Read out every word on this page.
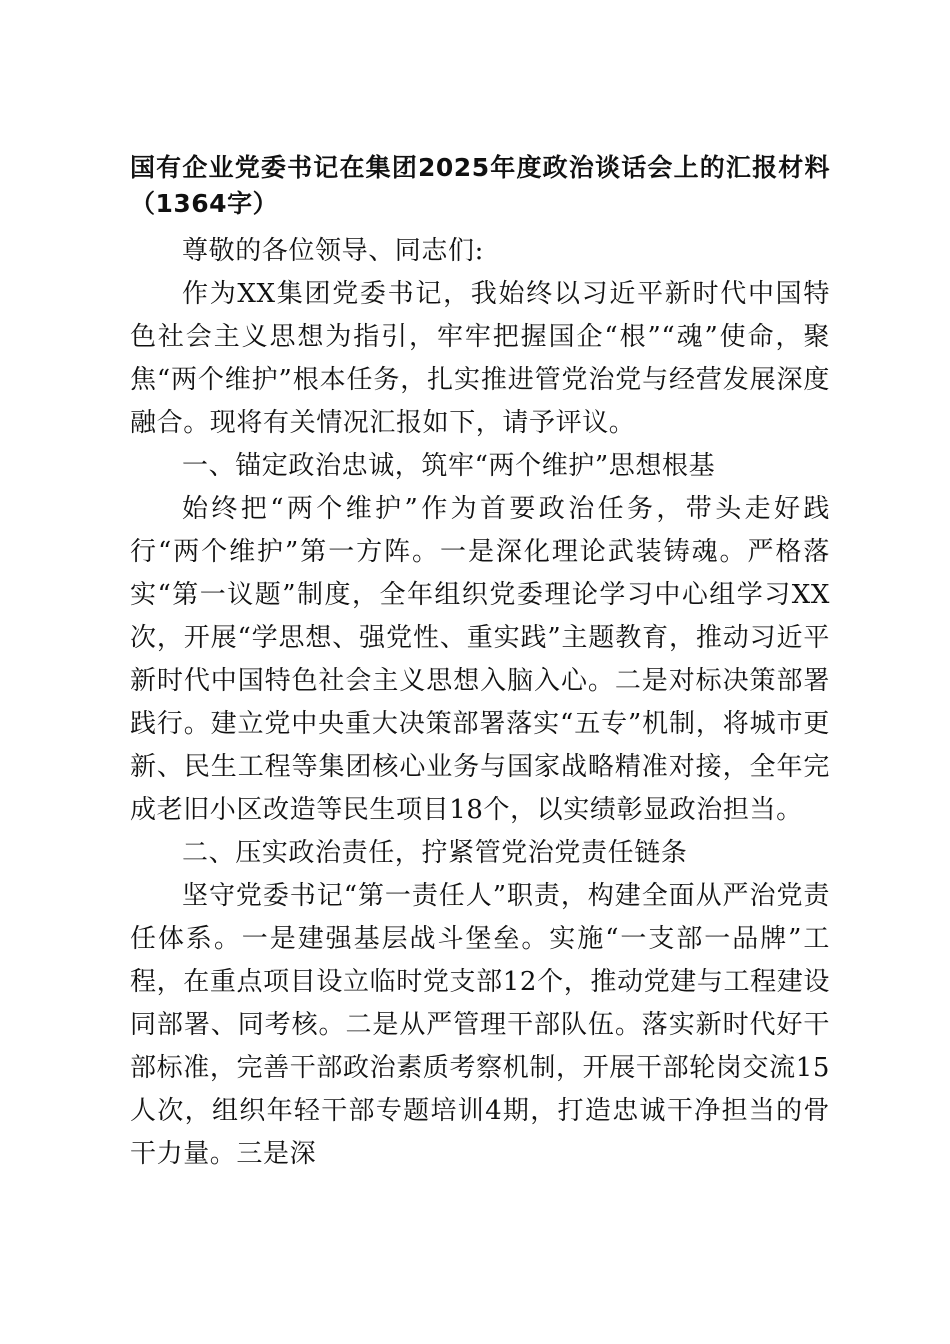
国有企业党委书记在集团2025年度政治谈话会上的汇报材料（1364字）

尊敬的各位领导、同志们:

作为XX集团党委书记，我始终以习近平新时代中国特色社会主义思想为指引，牢牢把握国企“根”“魂”使命，聚焦“两个维护”根本任务，扎实推进管党治党与经营发展深度融合。现将有关情况汇报如下，请予评议。

一、锚定政治忠诚，筑牢“两个维护”思想根基

始终把“两个维护”作为首要政治任务，带头走好践行“两个维护”第一方阵。一是深化理论武装铸魂。严格落实“第一议题”制度，全年组织党委理论学习中心组学习XX次，开展“学思想、强党性、重实践”主题教育，推动习近平新时代中国特色社会主义思想入脑入心。二是对标决策部署践行。建立党中央重大决策部署落实“五专”机制，将城市更新、民生工程等集团核心业务与国家战略精准对接，全年完成老旧小区改造等民生项目18个，以实绩彰显政治担当。

二、压实政治责任，拧紧管党治党责任链条

坚守党委书记“第一责任人”职责，构建全面从严治党责任体系。一是建强基层战斗堡垒。实施“一支部一品牌”工程，在重点项目设立临时党支部12个，推动党建与工程建设同部署、同考核。二是从严管理干部队伍。落实新时代好干部标准，完善干部政治素质考察机制，开展干部轮岗交流15人次，组织年轻干部专题培训4期，打造忠诚干净担当的骨干力量。三是深
